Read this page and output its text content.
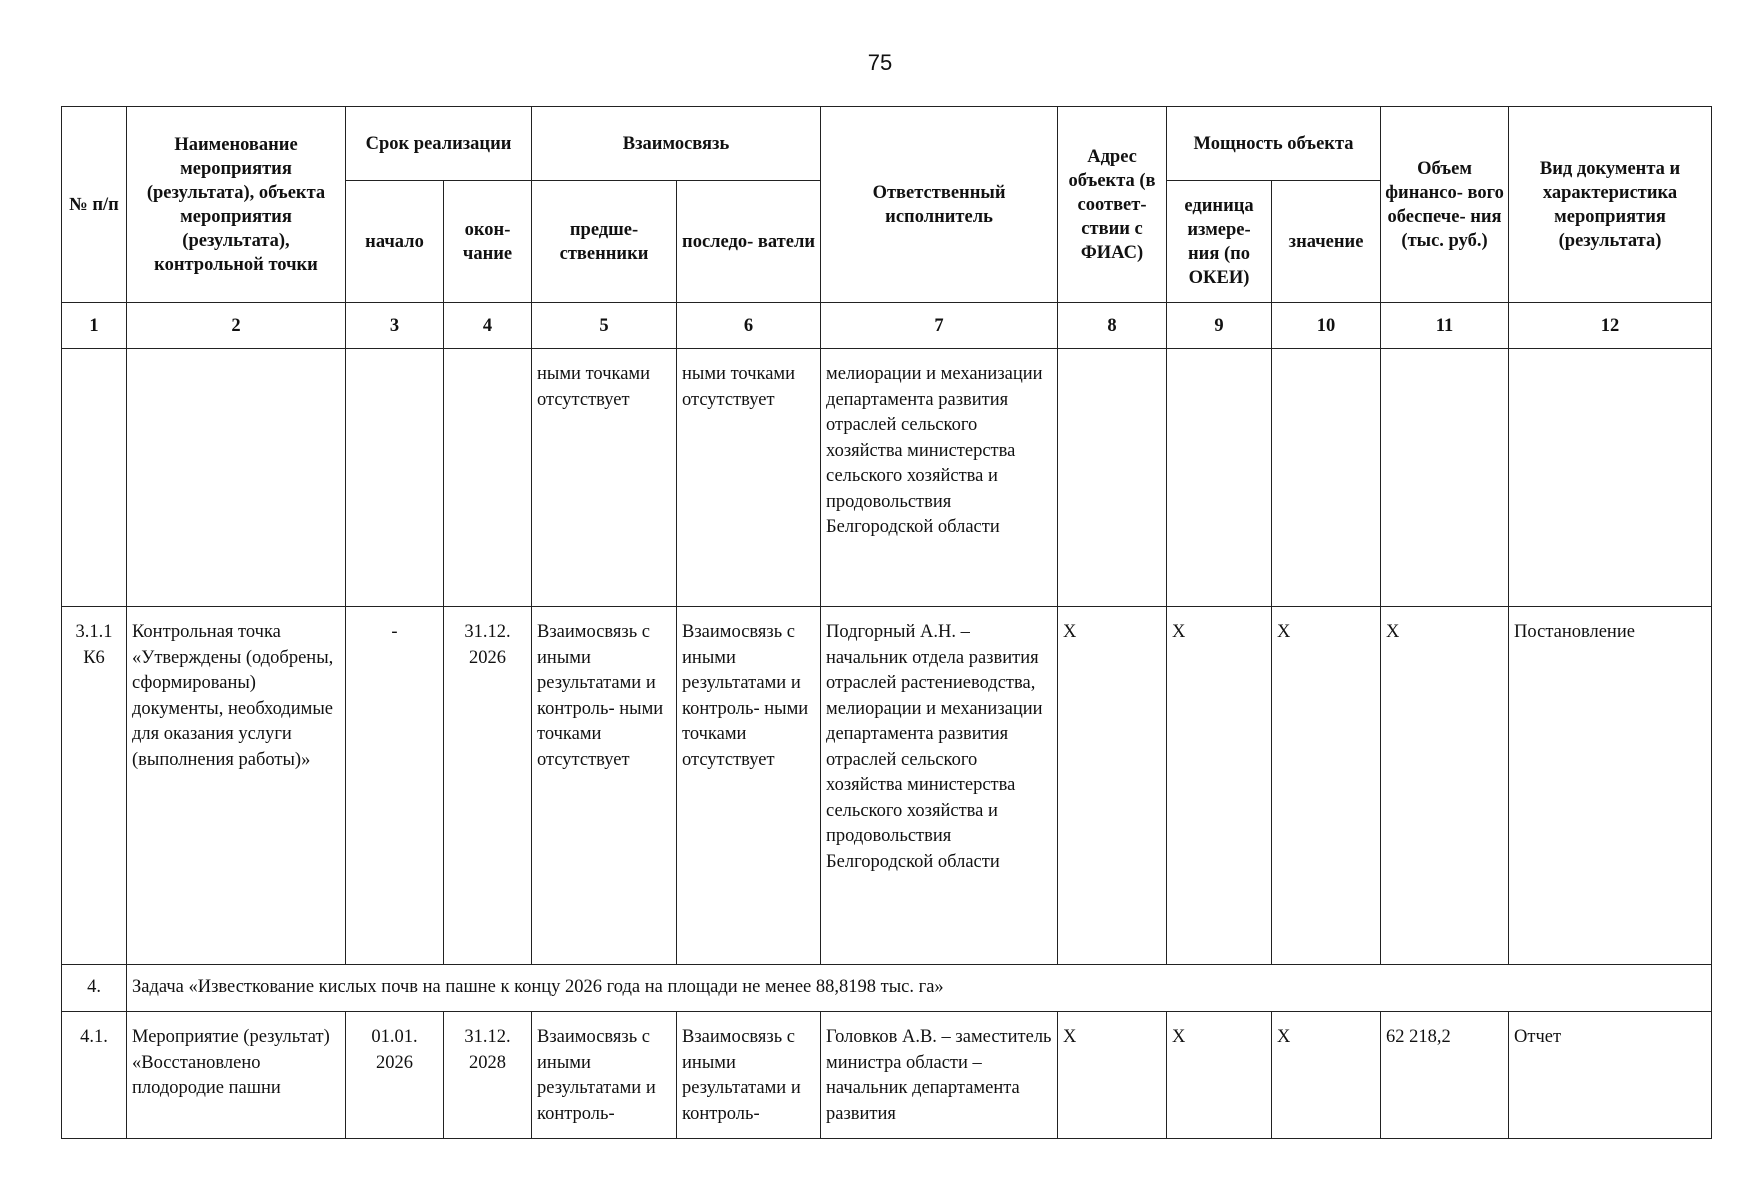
75
№ п/п	Наименование мероприятия (результата), объекта мероприятия (результата), контрольной точки	Срок реализации		Взаимосвязь		Ответственный исполнитель	Адрес объекта (в соответ- ствии с ФИАС)	Мощность объекта		Объем финансо- вого обеспече- ния (тыс. руб.)	Вид документа и характеристика мероприятия (результата)
		начало	окон- чание	предше- ственники	последо- ватели			единица измере- ния (по ОКЕИ)	значение		
1	2	3	4	5	6	7	8	9	10	11	12
				ными точками отсутствует	ными точками отсутствует	мелиорации и механизации департамента развития отраслей сельского хозяйства министерства сельского хозяйства и продовольствия Белгородской области					
3.1.1 К6	Контрольная точка «Утверждены (одобрены, сформированы) документы, необходимые для оказания услуги (выполнения работы)»	-	31.12. 2026	Взаимосвязь с иными результатами и контроль- ными точками отсутствует	Взаимосвязь с иными результатами и контроль- ными точками отсутствует	Подгорный А.Н. – начальник отдела развития отраслей растениеводства, мелиорации и механизации департамента развития отраслей сельского хозяйства министерства сельского хозяйства и продовольствия Белгородской области	X	X	X	X	Постановление
4.	Задача «Известкование кислых почв на пашне к концу 2026 года на площади не менее 88,8198 тыс. га»										
4.1.	Мероприятие (результат) «Восстановлено плодородие пашни	01.01. 2026	31.12. 2028	Взаимосвязь с иными результатами и контроль-	Взаимосвязь с иными результатами и контроль-	Головков А.В. – заместитель министра области – начальник департамента развития	X	X	X	62 218,2	Отчет
